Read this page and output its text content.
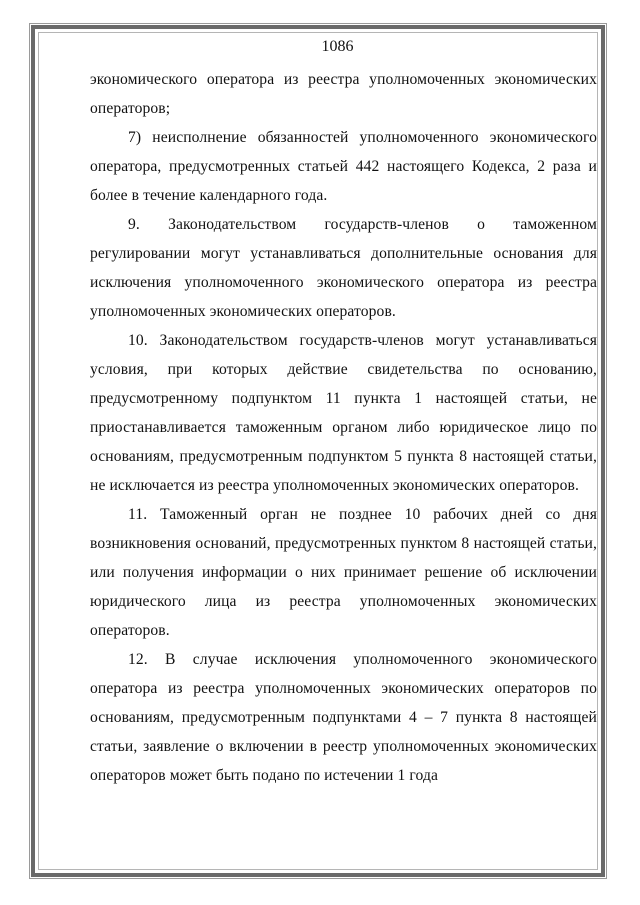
1086

экономического оператора из реестра уполномоченных экономических операторов;

7) неисполнение обязанностей уполномоченного экономического оператора, предусмотренных статьей 442 настоящего Кодекса, 2 раза и более в течение календарного года.

9. Законодательством государств-членов о таможенном регулировании могут устанавливаться дополнительные основания для исключения уполномоченного экономического оператора из реестра уполномоченных экономических операторов.

10. Законодательством государств-членов могут устанавливаться условия, при которых действие свидетельства по основанию, предусмотренному подпунктом 11 пункта 1 настоящей статьи, не приостанавливается таможенным органом либо юридическое лицо по основаниям, предусмотренным подпунктом 5 пункта 8 настоящей статьи, не исключается из реестра уполномоченных экономических операторов.

11. Таможенный орган не позднее 10 рабочих дней со дня возникновения оснований, предусмотренных пунктом 8 настоящей статьи, или получения информации о них принимает решение об исключении юридического лица из реестра уполномоченных экономических операторов.

12. В случае исключения уполномоченного экономического оператора из реестра уполномоченных экономических операторов по основаниям, предусмотренным подпунктами 4 – 7 пункта 8 настоящей статьи, заявление о включении в реестр уполномоченных экономических операторов может быть подано по истечении 1 года
